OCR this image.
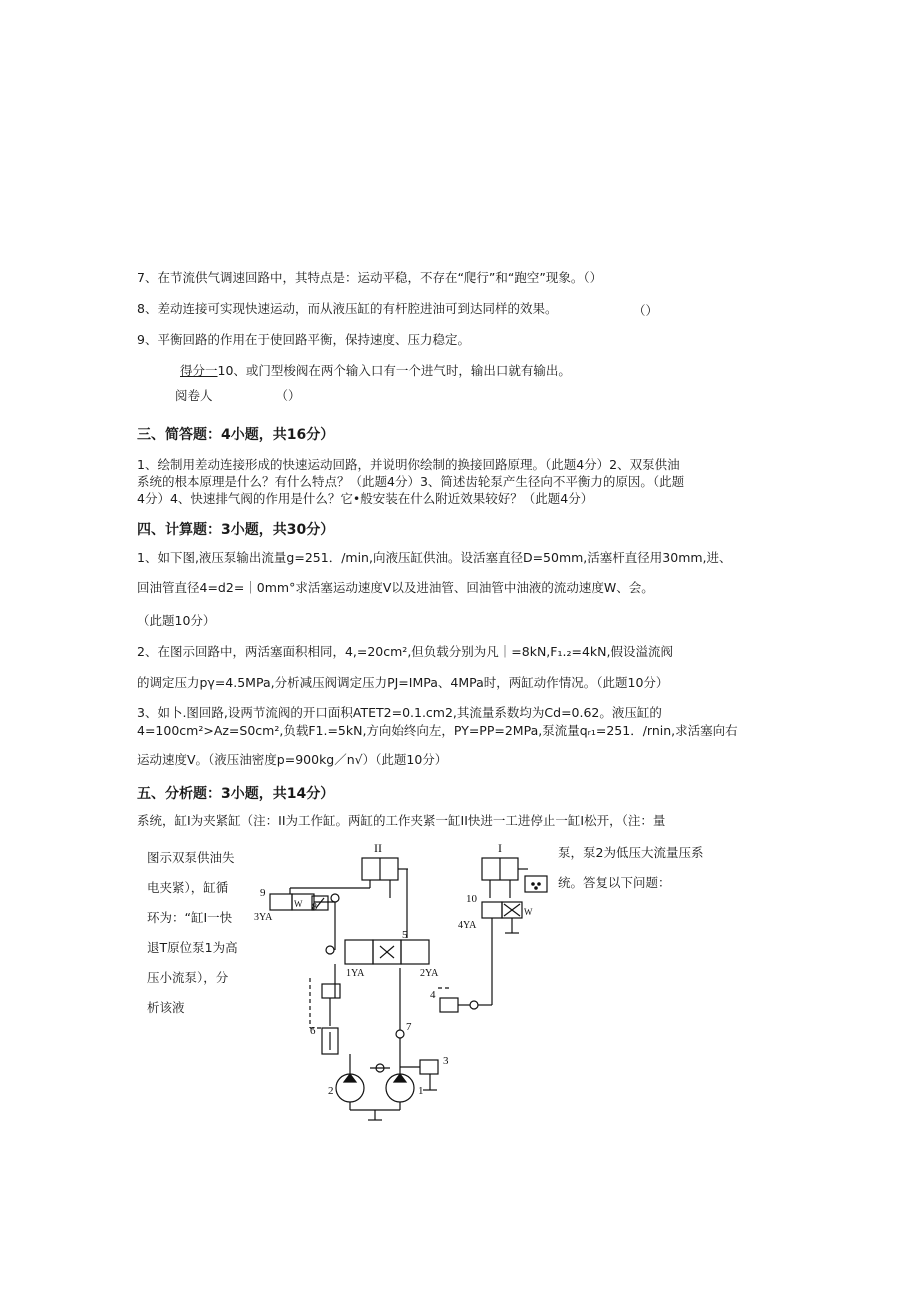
7、在节流供气调速回路中，其特点是：运动平稳，不存在“爬行”和“跑空”现象。（）
8、差动连接可实现快速运动，而从液压缸的有杆腔进油可到达同样的效果。	（）
9、平衡回路的作用在于使回路平衡，保持速度、压力稳定。
得分一10、或门型梭阀在两个输入口有一个进气时，输出口就有输出。
阅卷人	（）
三、简答题：4小题，共16分）
1、绘制用差动连接形成的快速运动回路，并说明你绘制的换接回路原理。（此题4分）2、双泵供油
系统的根本原理是什么？有什么特点？（此题4分）3、简述齿轮泵产生径向不平衡力的原因。（此题
4分）4、快速排气阀的作用是什么？它•般安装在什么附近效果较好？（此题4分）
四、计算题：3小题，共30分）
1、如下图,液压泵输出流量g=251．/min,向液压缸供油。设活塞直径D=50mm,活塞杆直径用30mm,进、
回油管直径4=d2=｜0mm°求活塞运动速度V以及进油管、回油管中油液的流动速度W、会。
（此题10分）
2、在图示回路中，两活塞面积相同，4,=20cm²,但负载分别为凡｜=8kN,F₁.₂=4kN,假设溢流阀
的调定压力pγ=4.5MPa,分析减压阀调定压力PJ=IMPa、4MPa时，两缸动作情况。（此题10分）
3、如卜.图回路,设两节流阀的开口面积ATET2=0.1.cm2,其流量系数均为Cd=0.62。液压缸的
4=100cm²>Az=S0cm²,负载F1.=5kN,方向始终向左，PY=PP=2MPa,泵流量qᵣ₁=251．/rnin,求活塞向右
运动速度V。（液压油密度p=900kg／n√）（此题10分）
五、分析题：3小题，共14分）
系统，缸I为夹紧缸（注：II为工作缸。两缸的工作夹紧一缸II快进一工进停止一缸I松开，（注：量
图示双泵供油失
电夹紧），缸循
环为：“缸I一快
退T原位泵1为高
压小流泵），分
析该液
泵，泵2为低压大流量压系
统。答复以下问题：
II	I
9
3YA
W 8
10
4YA
W
5
1YA	2YA
4
6	7
3
2	1
